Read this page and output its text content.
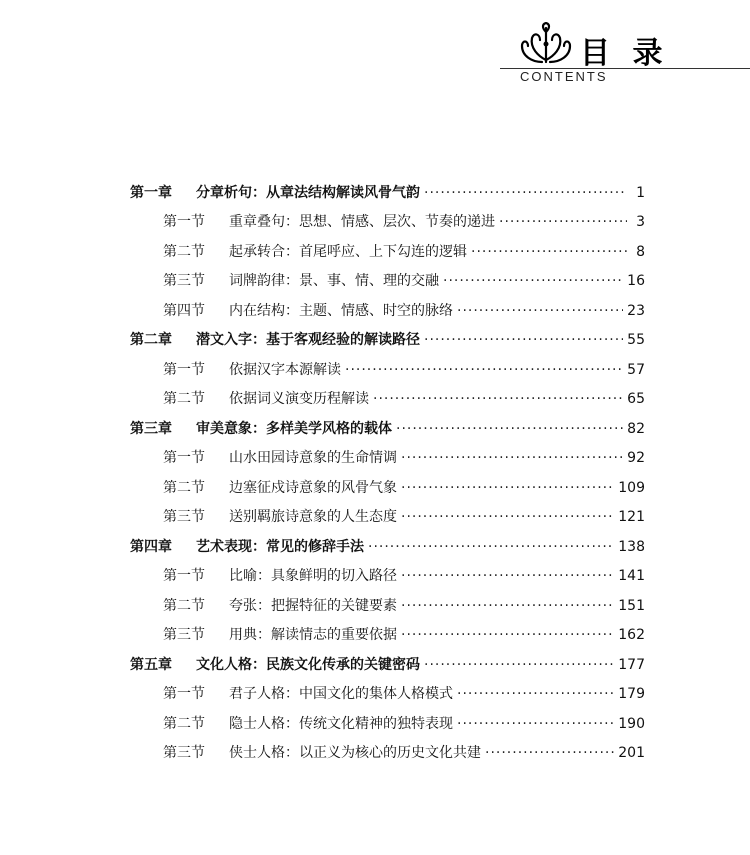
目 录
CONTENTS
第一章	分章析句：从章法结构解读风骨气韵 ·····	1
第一节	重章叠句：思想、情感、层次、节奏的递进 ·····	3
第二节	起承转合：首尾呼应、上下勾连的逻辑 ·····	8
第三节	词牌韵律：景、事、情、理的交融 ·····	16
第四节	内在结构：主题、情感、时空的脉络 ·····	23
第二章	潜文入字：基于客观经验的解读路径 ·····	55
第一节	依据汉字本源解读 ·····	57
第二节	依据词义演变历程解读 ·····	65
第三章	审美意象：多样美学风格的载体 ·····	82
第一节	山水田园诗意象的生命情调 ·····	92
第二节	边塞征戍诗意象的风骨气象 ·····	109
第三节	送别羁旅诗意象的人生态度 ·····	121
第四章	艺术表现：常见的修辞手法 ·····	138
第一节	比喻：具象鲜明的切入路径 ·····	141
第二节	夸张：把握特征的关键要素 ·····	151
第三节	用典：解读情志的重要依据 ·····	162
第五章	文化人格：民族文化传承的关键密码 ·····	177
第一节	君子人格：中国文化的集体人格模式 ·····	179
第二节	隐士人格：传统文化精神的独特表现 ·····	190
第三节	侠士人格：以正义为核心的历史文化共建 ·····	201
